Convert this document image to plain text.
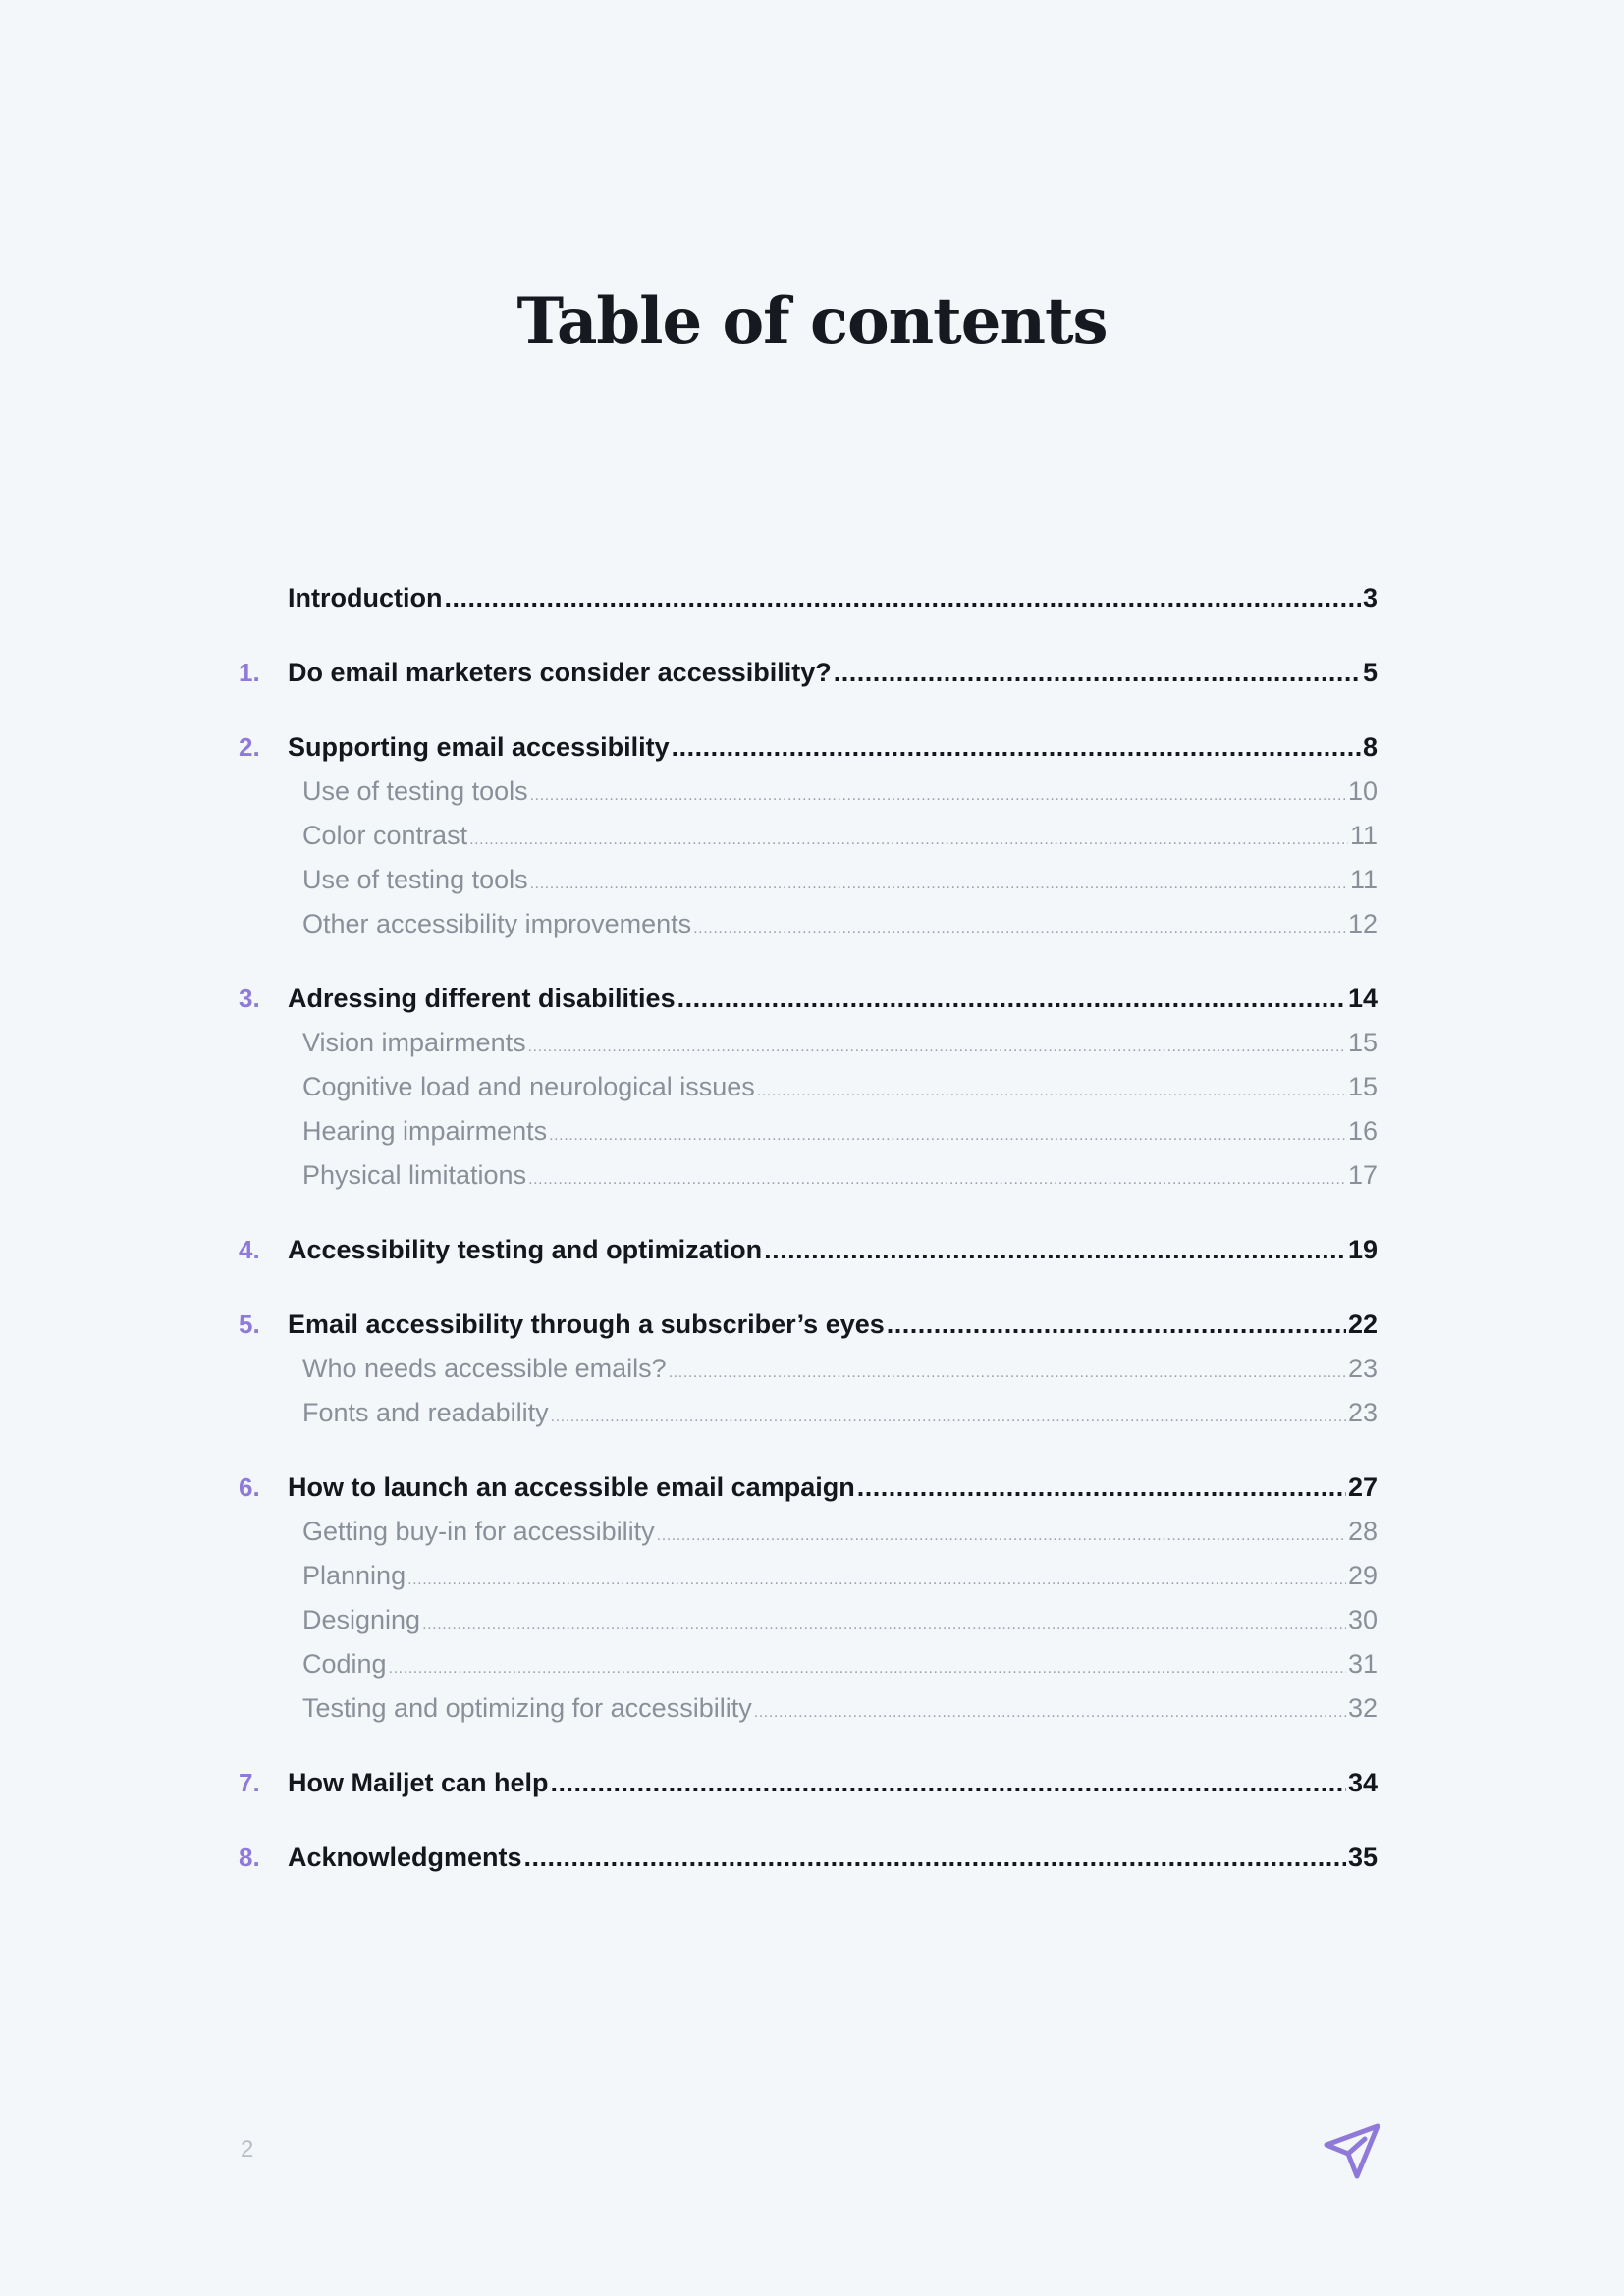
Table of contents
Introduction .....	3
1.	Do email marketers consider accessibility? .....	5
2.	Supporting email accessibility .....	8
Use of testing tools .....	10
Color contrast .....	11
Use of testing tools .....	11
Other accessibility improvements .....	12
3.	Adressing different disabilities .....	14
Vision impairments .....	15
Cognitive load and neurological issues .....	15
Hearing impairments .....	16
Physical limitations .....	17
4.	Accessibility testing and optimization .....	19
5.	Email accessibility through a subscriber’s eyes .....	22
Who needs accessible emails? .....	23
Fonts and readability .....	23
6.	How to launch an accessible email campaign .....	27
Getting buy-in for accessibility .....	28
Planning .....	29
Designing .....	30
Coding .....	31
Testing and optimizing for accessibility .....	32
7.	How Mailjet can help .....	34
8.	Acknowledgments .....	35
2
